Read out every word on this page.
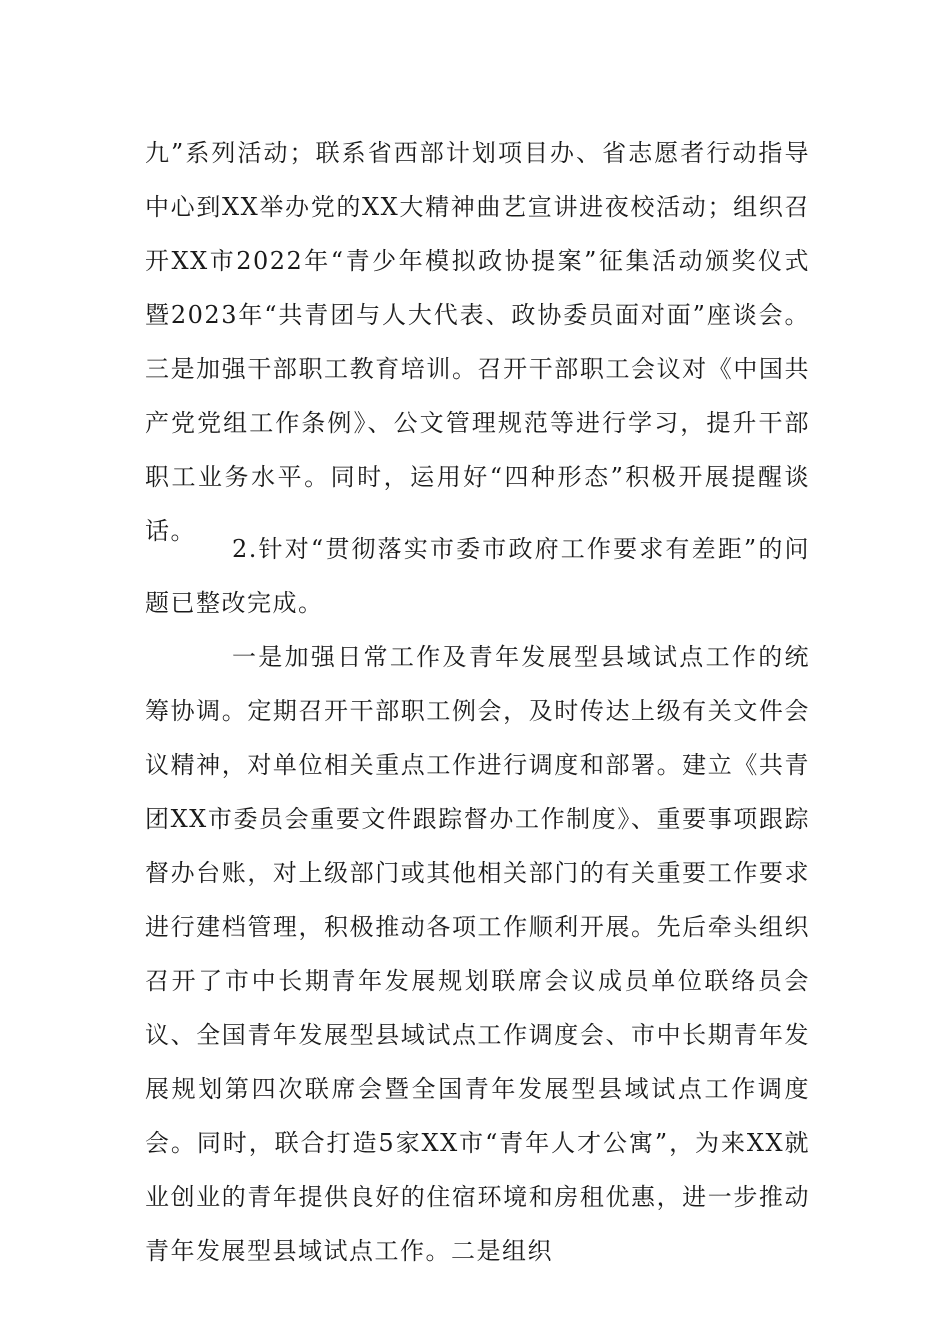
九”系列活动；联系省西部计划项目办、省志愿者行动指导中心到XX举办党的XX大精神曲艺宣讲进夜校活动；组织召开XX市2022年“青少年模拟政协提案”征集活动颁奖仪式暨2023年“共青团与人大代表、政协委员面对面”座谈会。三是加强干部职工教育培训。召开干部职工会议对《中国共产党党组工作条例》、公文管理规范等进行学习，提升干部职工业务水平。同时，运用好“四种形态”积极开展提醒谈话。

2.针对“贯彻落实市委市政府工作要求有差距”的问题已整改完成。

一是加强日常工作及青年发展型县域试点工作的统筹协调。定期召开干部职工例会，及时传达上级有关文件会议精神，对单位相关重点工作进行调度和部署。建立《共青团XX市委员会重要文件跟踪督办工作制度》、重要事项跟踪督办台账，对上级部门或其他相关部门的有关重要工作要求进行建档管理，积极推动各项工作顺利开展。先后牵头组织召开了市中长期青年发展规划联席会议成员单位联络员会议、全国青年发展型县域试点工作调度会、市中长期青年发展规划第四次联席会暨全国青年发展型县域试点工作调度会。同时，联合打造5家XX市“青年人才公寓”，为来XX就业创业的青年提供良好的住宿环境和房租优惠，进一步推动青年发展型县域试点工作。二是组织
